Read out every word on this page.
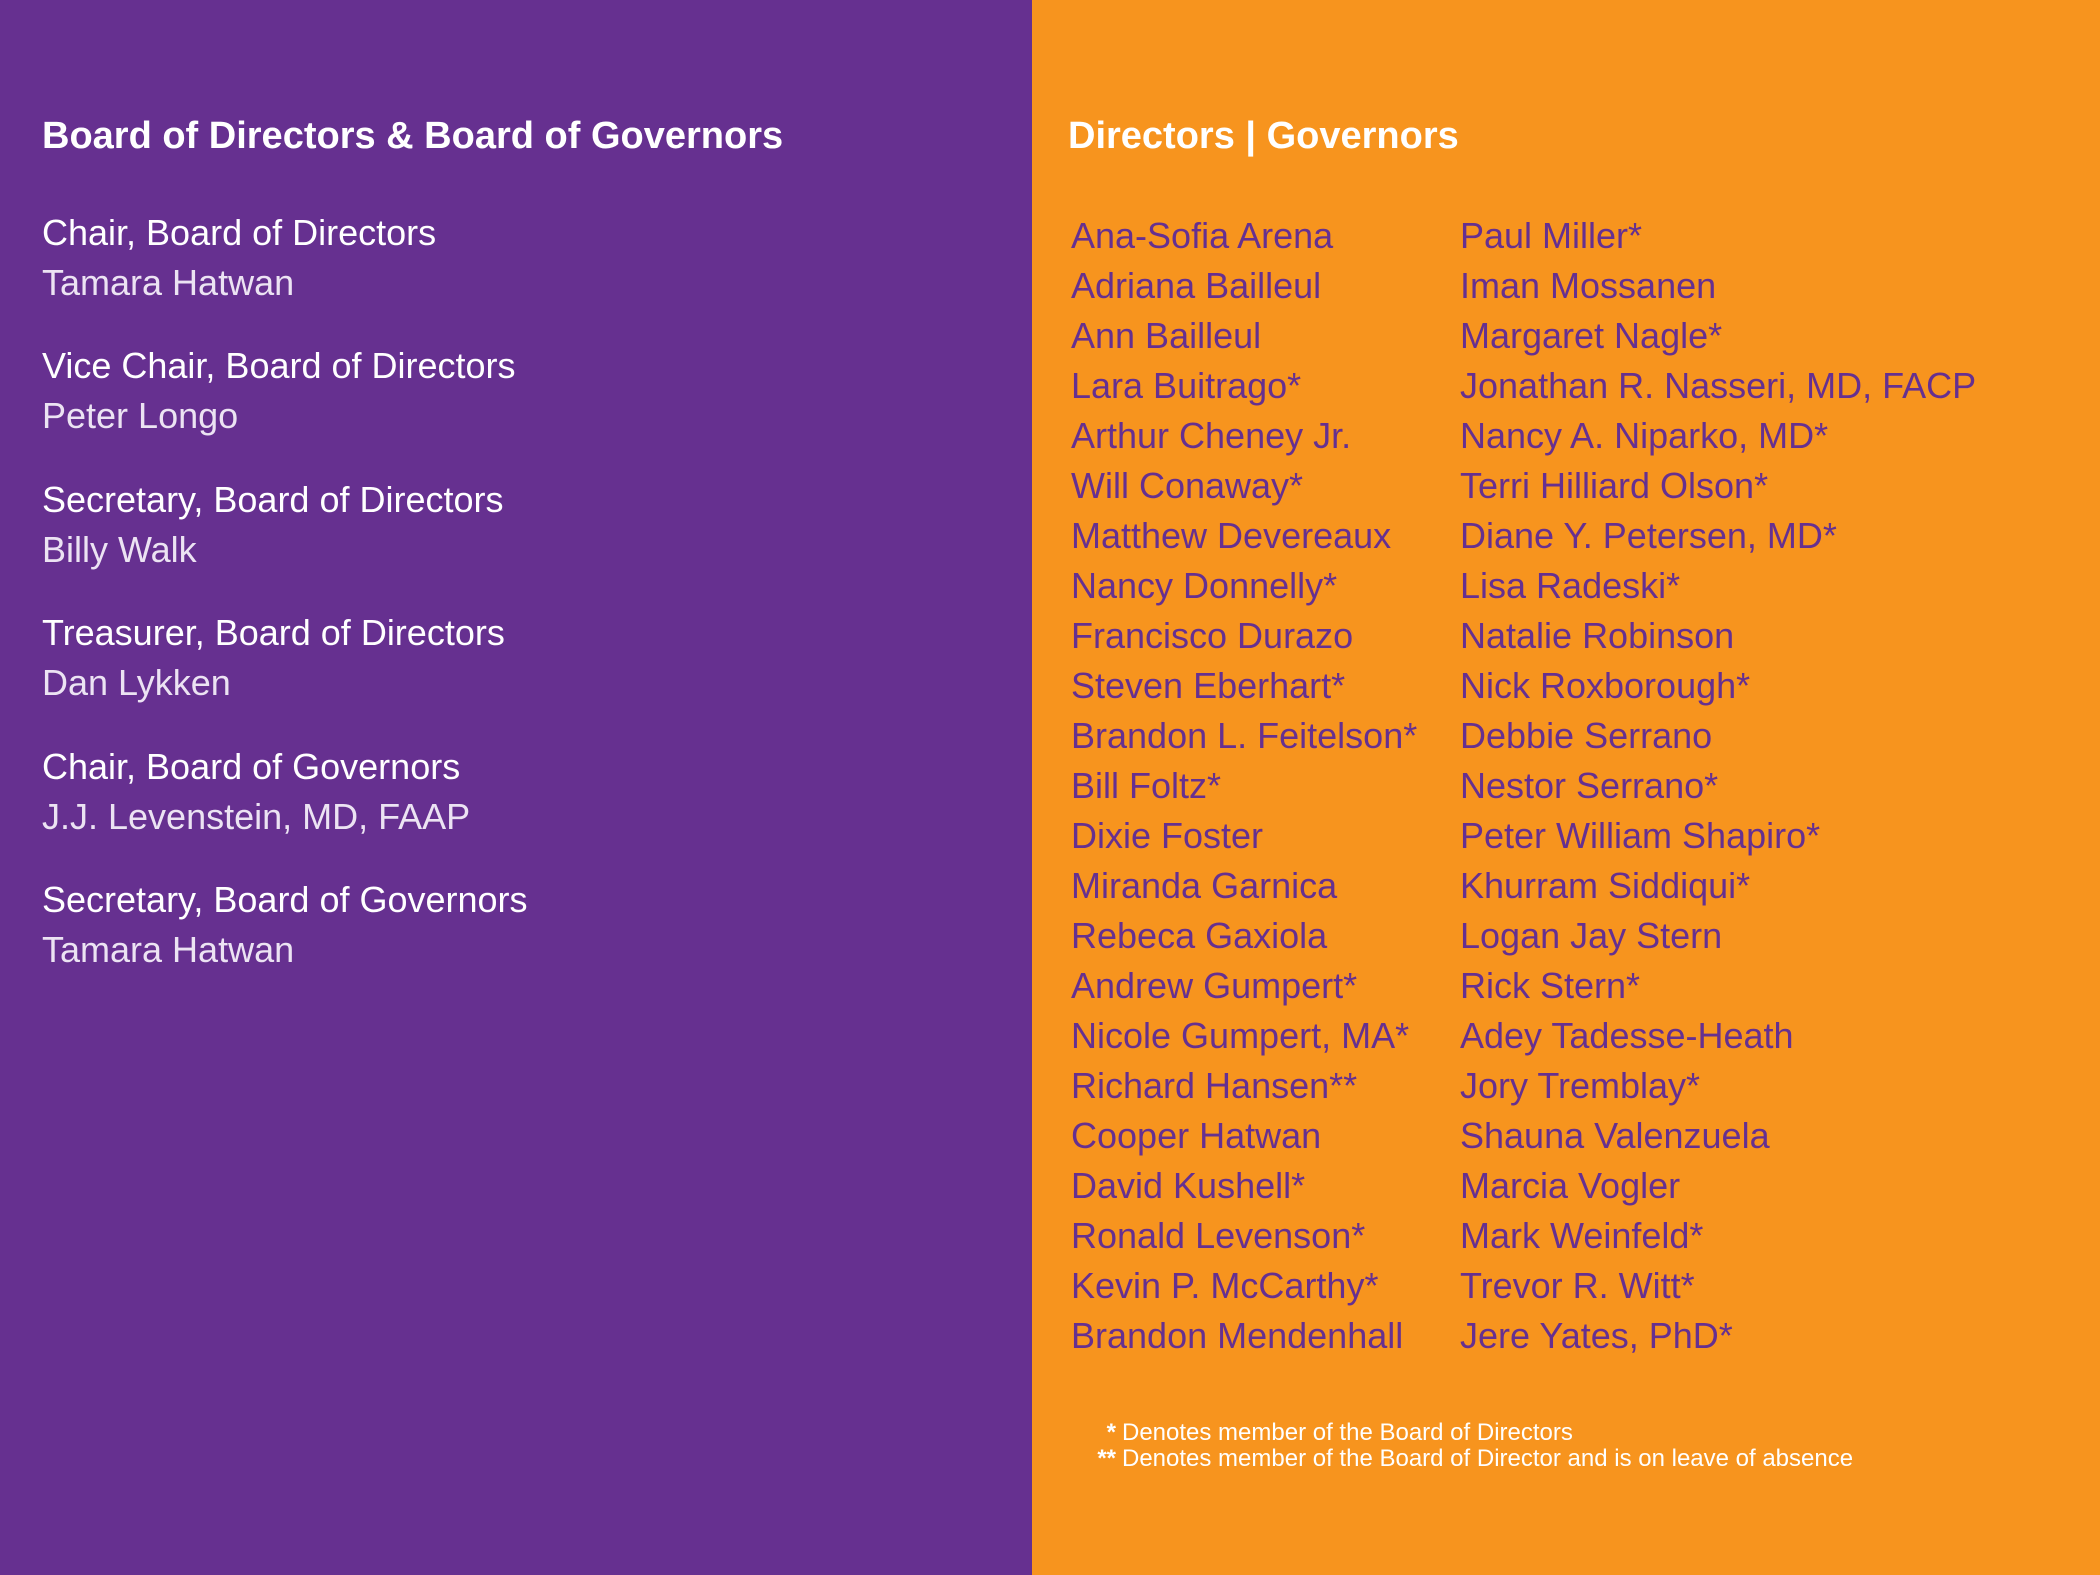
Board of Directors & Board of Governors
Chair, Board of Directors
Tamara Hatwan
Vice Chair, Board of Directors
Peter Longo
Secretary, Board of Directors
Billy Walk
Treasurer, Board of Directors
Dan Lykken
Chair, Board of Governors
J.J. Levenstein, MD, FAAP
Secretary, Board of Governors
Tamara Hatwan
Directors | Governors
Ana-Sofia Arena
Adriana Bailleul
Ann Bailleul
Lara Buitrago*
Arthur Cheney Jr.
Will Conaway*
Matthew Devereaux
Nancy Donnelly*
Francisco Durazo
Steven Eberhart*
Brandon L. Feitelson*
Bill Foltz*
Dixie Foster
Miranda Garnica
Rebeca Gaxiola
Andrew Gumpert*
Nicole Gumpert, MA*
Richard Hansen**
Cooper Hatwan
David Kushell*
Ronald Levenson*
Kevin P. McCarthy*
Brandon Mendenhall
Paul Miller*
Iman Mossanen
Margaret Nagle*
Jonathan R. Nasseri, MD, FACP
Nancy A. Niparko, MD*
Terri Hilliard Olson*
Diane Y. Petersen, MD*
Lisa Radeski*
Natalie Robinson
Nick Roxborough*
Debbie Serrano
Nestor Serrano*
Peter William Shapiro*
Khurram Siddiqui*
Logan Jay Stern
Rick Stern*
Adey Tadesse-Heath
Jory Tremblay*
Shauna Valenzuela
Marcia Vogler
Mark Weinfeld*
Trevor R. Witt*
Jere Yates, PhD*
* Denotes member of the Board of Directors
** Denotes member of the Board of Director and is on leave of absence
